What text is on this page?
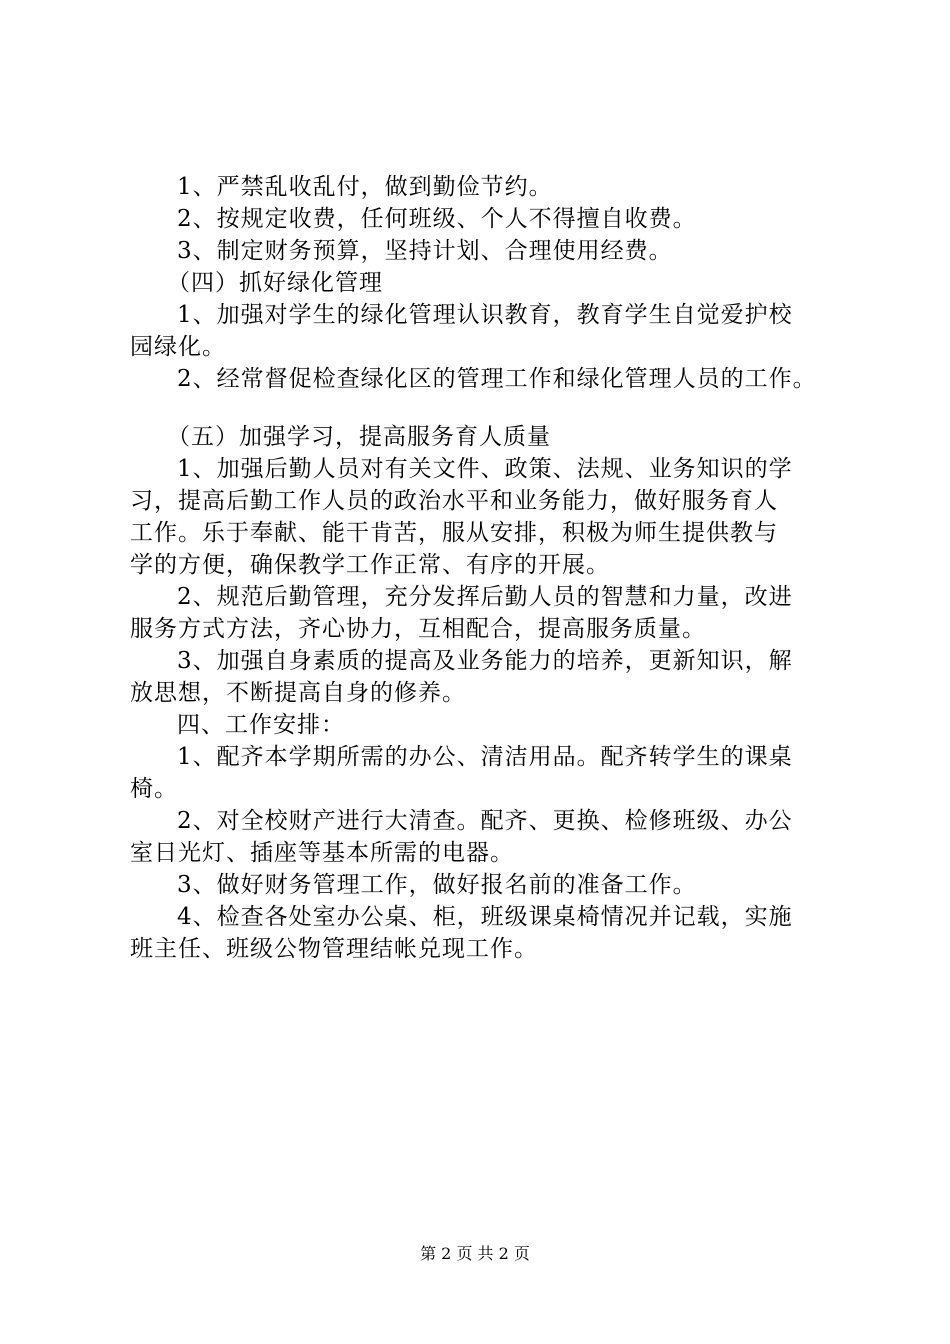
1、严禁乱收乱付，做到勤俭节约。
2、按规定收费，任何班级、个人不得擅自收费。
3、制定财务预算，坚持计划、合理使用经费。
（四）抓好绿化管理
1、加强对学生的绿化管理认识教育，教育学生自觉爱护校
园绿化。
2、经常督促检查绿化区的管理工作和绿化管理人员的工作。
（五）加强学习，提高服务育人质量
1、加强后勤人员对有关文件、政策、法规、业务知识的学
习，提高后勤工作人员的政治水平和业务能力，做好服务育人
工作。乐于奉献、能干肯苦，服从安排，积极为师生提供教与
学的方便，确保教学工作正常、有序的开展。
2、规范后勤管理，充分发挥后勤人员的智慧和力量，改进
服务方式方法，齐心协力，互相配合，提高服务质量。
3、加强自身素质的提高及业务能力的培养，更新知识，解
放思想，不断提高自身的修养。
四、工作安排：
1、配齐本学期所需的办公、清洁用品。配齐转学生的课桌
椅。
2、对全校财产进行大清查。配齐、更换、检修班级、办公
室日光灯、插座等基本所需的电器。
3、做好财务管理工作，做好报名前的准备工作。
4、检查各处室办公桌、柜，班级课桌椅情况并记载，实施
班主任、班级公物管理结帐兑现工作。
第 2 页 共 2 页
